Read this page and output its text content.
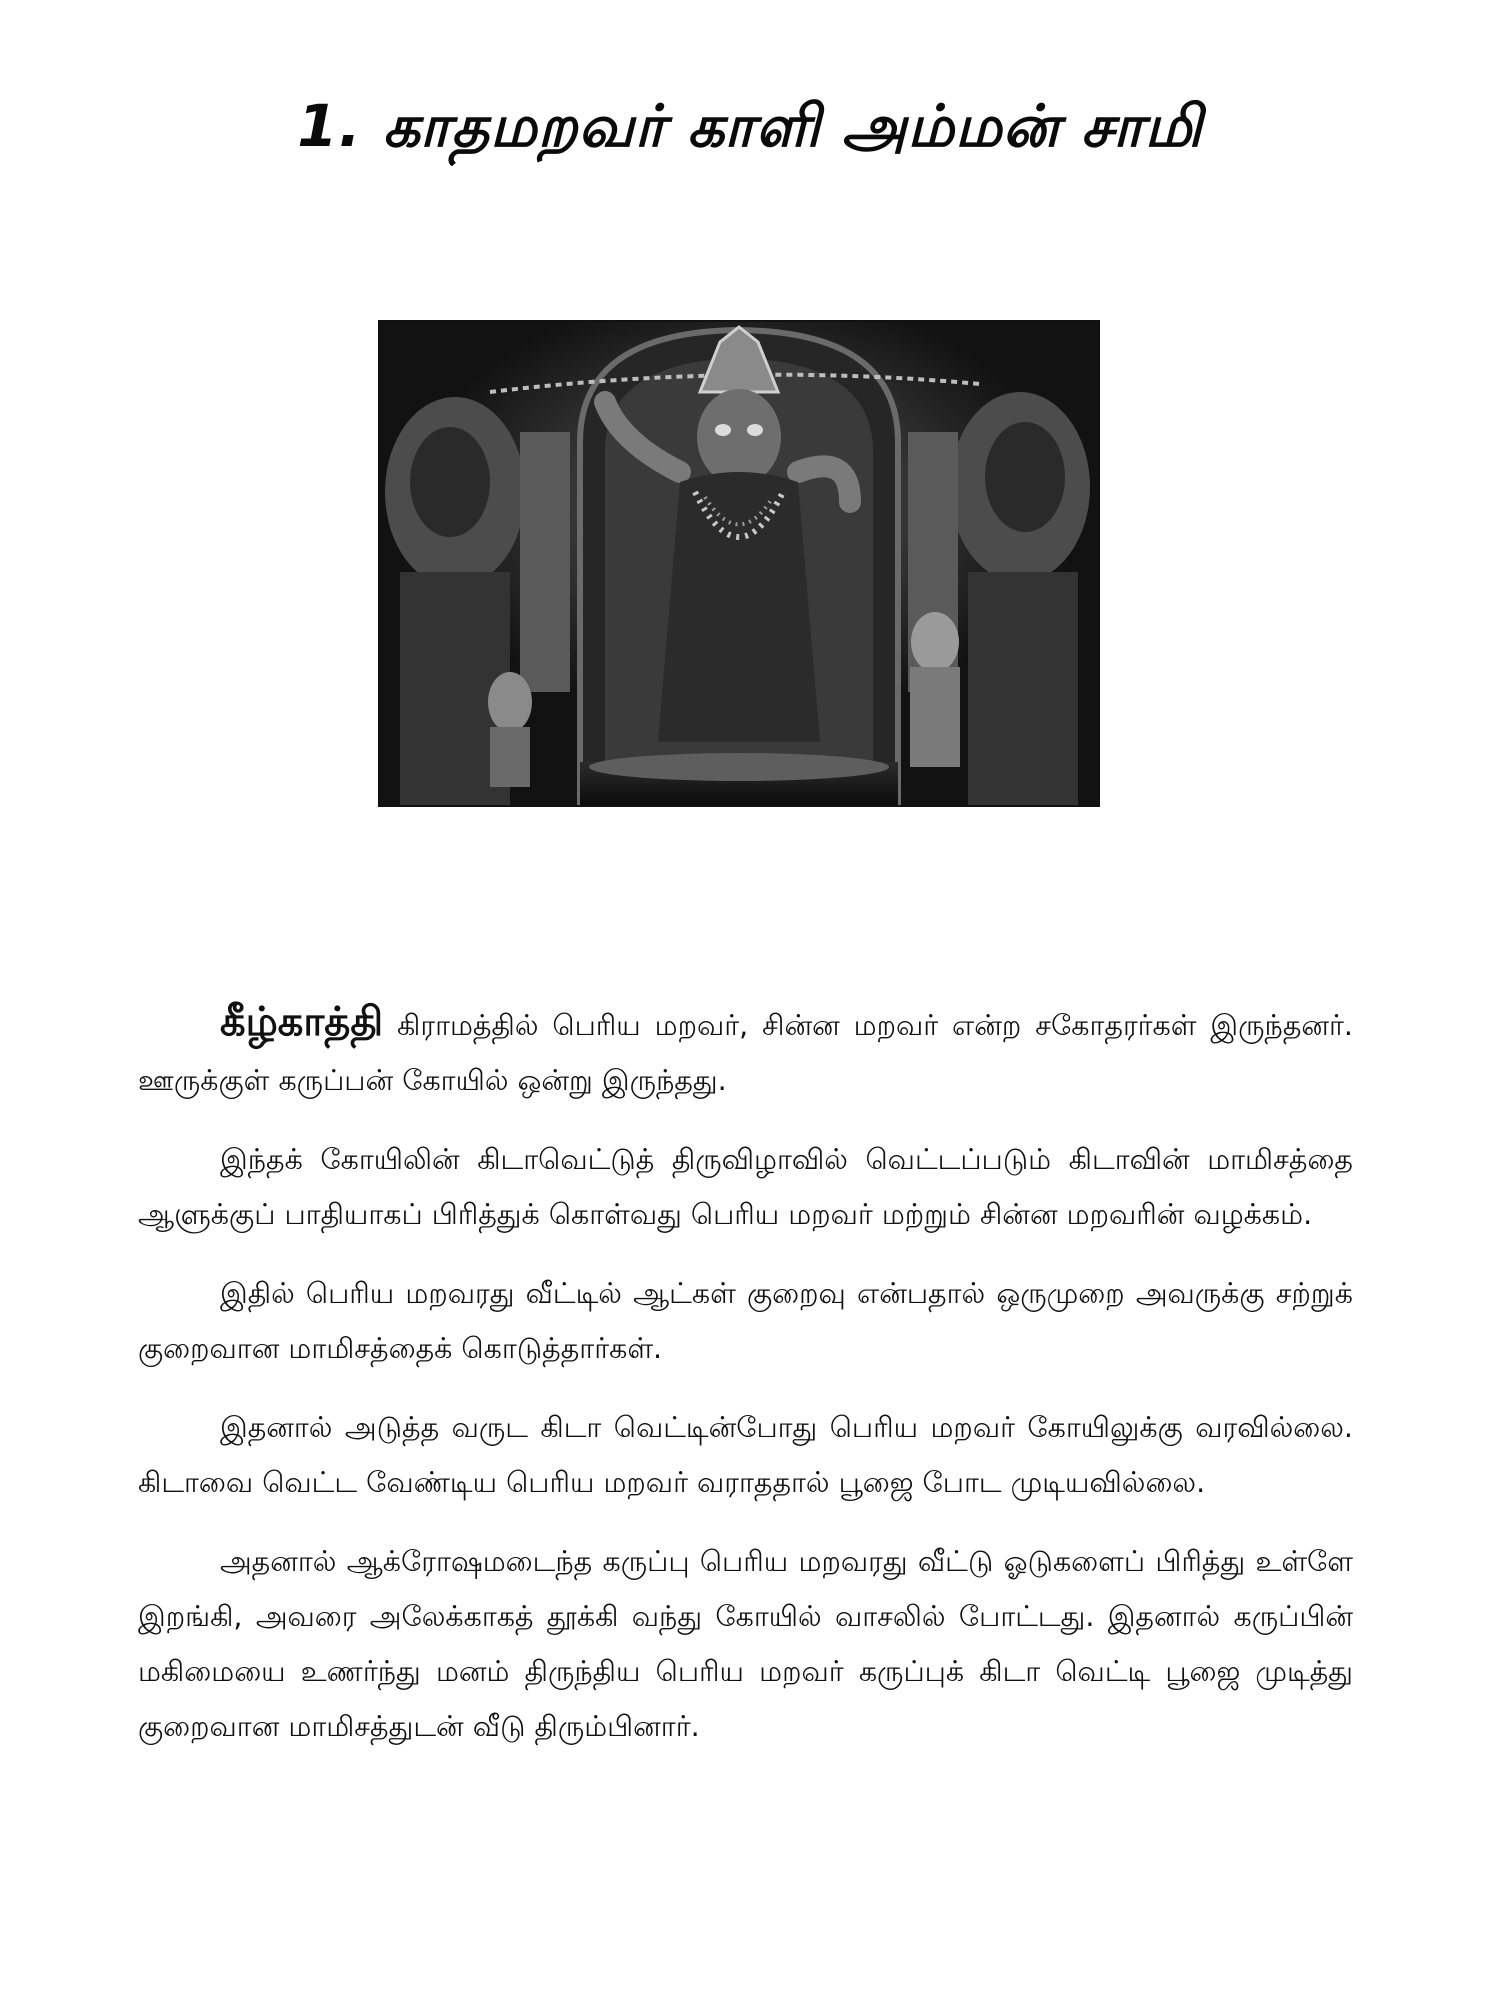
1. காதமறவர் காளி அம்மன் சாமி

கீழ்காத்தி கிராமத்தில் பெரிய மறவர், சின்ன மறவர் என்ற சகோதரர்கள் இருந்தனர். ஊருக்குள் கருப்பன் கோயில் ஒன்று இருந்தது.

இந்தக் கோயிலின் கிடாவெட்டுத் திருவிழாவில் வெட்டப்படும் கிடாவின் மாமிசத்தை ஆளுக்குப் பாதியாகப் பிரித்துக் கொள்வது பெரிய மறவர் மற்றும் சின்ன மறவரின் வழக்கம்.

இதில் பெரிய மறவரது வீட்டில் ஆட்கள் குறைவு என்பதால் ஒருமுறை அவருக்கு சற்றுக் குறைவான மாமிசத்தைக் கொடுத்தார்கள்.

இதனால் அடுத்த வருட கிடா வெட்டின்போது பெரிய மறவர் கோயிலுக்கு வரவில்லை. கிடாவை வெட்ட வேண்டிய பெரிய மறவர் வராததால் பூஜை போட முடியவில்லை.

அதனால் ஆக்ரோஷமடைந்த கருப்பு பெரிய மறவரது வீட்டு ஓடுகளைப் பிரித்து உள்ளே இறங்கி, அவரை அலேக்காகத் தூக்கி வந்து கோயில் வாசலில் போட்டது. இதனால் கருப்பின் மகிமையை உணர்ந்து மனம் திருந்திய பெரிய மறவர் கருப்புக் கிடா வெட்டி பூஜை முடித்து குறைவான மாமிசத்துடன் வீடு திரும்பினார்.
